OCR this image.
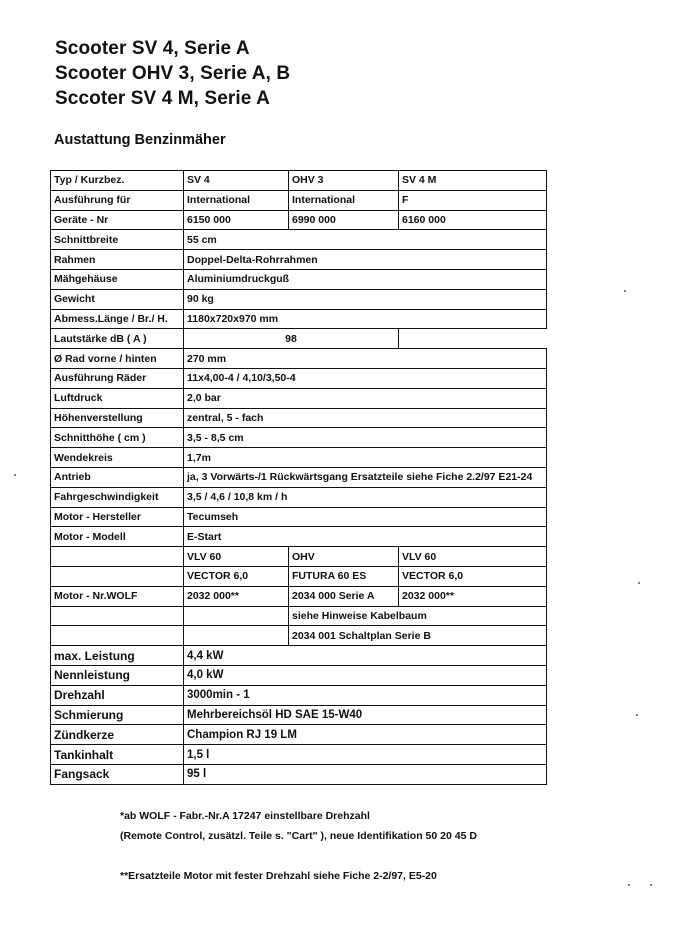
Scooter SV 4, Serie A

Scooter OHV 3, Serie A, B

Sccoter SV 4 M, Serie A

Austattung Benzinmäher

Typ / Kurzbez.	SV 4	OHV 3	SV 4 M
Ausführung für	International	International	F
Geräte - Nr	6150 000	6990 000	6160 000
Schnittbreite	55 cm		
Rahmen	Doppel-Delta-Rohrrahmen		
Mähgehäuse	Aluminiumdruckguß		
Gewicht	90 kg		
Abmess.Länge / Br./ H.	1180x720x970 mm		
Lautstärke dB ( A )	98		
Ø Rad vorne / hinten	270 mm		
Ausführung Räder	11x4,00-4 / 4,10/3,50-4		
Luftdruck	2,0 bar		
Höhenverstellung	zentral, 5 - fach		
Schnitthöhe ( cm )	3,5 - 8,5 cm		
Wendekreis	1,7m		
Antrieb	ja, 3 Vorwärts-/1 Rückwärtsgang Ersatzteile siehe Fiche 2.2/97 E21-24		
Fahrgeschwindigkeit	3,5 / 4,6 / 10,8 km / h		
Motor - Hersteller	Tecumseh		
Motor - Modell	E-Start		
	VLV 60	OHV	VLV 60
	VECTOR 6,0	FUTURA 60 ES	VECTOR 6,0
Motor - Nr.WOLF	2032 000**	2034 000 Serie A	2032 000**
		siehe Hinweise Kabelbaum	
		2034 001 Schaltplan Serie B	
max. Leistung	4,4 kW		
Nennleistung	4,0 kW		
Drehzahl	3000min - 1		
Schmierung	Mehrbereichsöl HD SAE 15-W40		
Zündkerze	Champion RJ 19 LM		
Tankinhalt	1,5 l		
Fangsack	95 l		

*ab WOLF - Fabr.-Nr.A 17247 einstellbare Drehzahl

(Remote Control, zusätzl. Teile s. "Cart" ), neue Identifikation 50 20 45 D

**Ersatzteile Motor mit fester Drehzahl siehe Fiche 2-2/97, E5-20
